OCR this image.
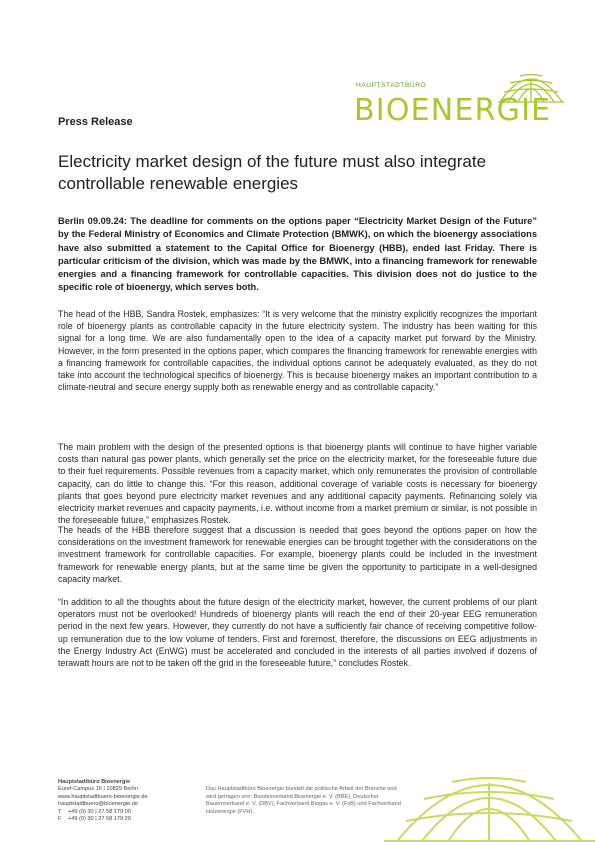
HAUPTSTADTBÜRO
BIOENERGIE
Press Release
Electricity market design of the future must also integrate controllable renewable energies

Berlin 09.09.24: The deadline for comments on the options paper “Electricity Market Design of the Future” by the Federal Ministry of Economics and Climate Protection (BMWK), on which the bioenergy associations have also submitted a statement to the Capital Office for Bioenergy (HBB), ended last Friday. There is particular criticism of the division, which was made by the BMWK, into a financing framework for renewable energies and a financing framework for controllable capacities. This division does not do justice to the specific role of bioenergy, which serves both.

The head of the HBB, Sandra Rostek, emphasizes: “It is very welcome that the ministry explicitly recognizes the important role of bioenergy plants as controllable capacity in the future electricity system. The industry has been waiting for this signal for a long time. We are also fundamentally open to the idea of a capacity market put forward by the Ministry. However, in the form presented in the options paper, which compares the financing framework for renewable energies with a financing framework for controllable capacities, the individual options cannot be adequately evaluated, as they do not take into account the technological specifics of bioenergy. This is because bioenergy makes an important contribution to a climate-neutral and secure energy supply both as renewable energy and as controllable capacity.”

The main problem with the design of the presented options is that bioenergy plants will continue to have higher variable costs than natural gas power plants, which generally set the price on the electricity market, for the foreseeable future due to their fuel requirements. Possible revenues from a capacity market, which only remunerates the provision of controllable capacity, can do little to change this. “For this reason, additional coverage of variable costs is necessary for bioenergy plants that goes beyond pure electricity market revenues and any additional capacity payments. Refinancing solely via electricity market revenues and capacity payments, i.e. without income from a market premium or similar, is not possible in the foreseeable future,” emphasizes Rostek.

The heads of the HBB therefore suggest that a discussion is needed that goes beyond the options paper on how the considerations on the investment framework for renewable energies can be brought together with the considerations on the investment framework for controllable capacities. For example, bioenergy plants could be included in the investment framework for renewable energy plants, but at the same time be given the opportunity to participate in a well-designed capacity market.

“In addition to all the thoughts about the future design of the electricity market, however, the current problems of our plant operators must not be overlooked! Hundreds of bioenergy plants will reach the end of their 20-year EEG remuneration period in the next few years. However, they currently do not have a sufficiently fair chance of receiving competitive follow-up remuneration due to the low volume of tenders. First and foremost, therefore, the discussions on EEG adjustments in the Energy Industry Act (EnWG) must be accelerated and concluded in the interests of all parties involved if dozens of terawatt hours are not to be taken off the grid in the foreseeable future,” concludes Rostek.

Hauptstadtbüro Bioenergie
Euref-Campus 16 | 10829 Berlin
www.hauptstadtbuero-bioenergie.de
hauptstadtbuero@bioenergie.de
T +49 (0) 30 | 27 58 179 00
F +49 (0) 30 | 27 58 179 29
Das Hauptstadtbüro Bioenergie bündelt die politische Arbeit der Branche und wird getragen von: Bundesverband Bioenergie e. V. (BBE), Deutscher Bauernverband e. V. (DBV), Fachverband Biogas e. V. (FvB) und Fachverband Holzenergie (FVH).
